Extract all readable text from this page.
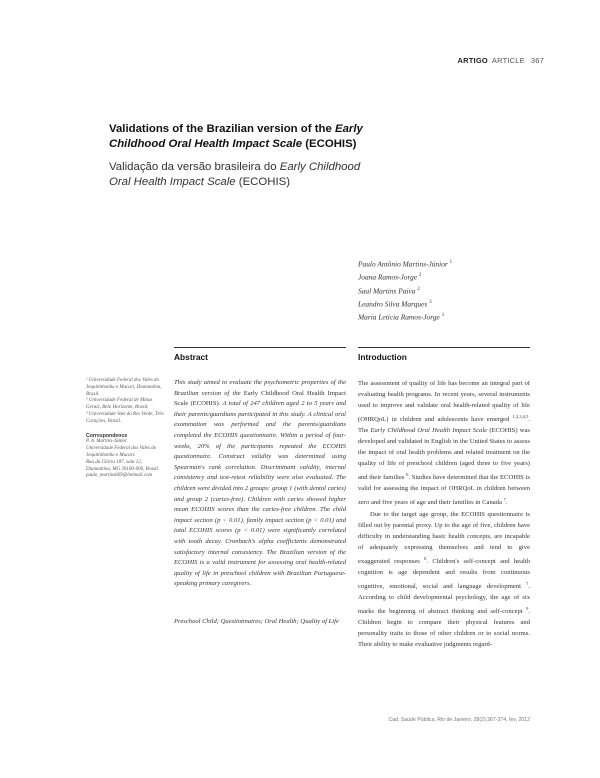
ARTIGO ARTICLE 367
Validations of the Brazilian version of the Early Childhood Oral Health Impact Scale (ECOHIS)
Validação da versão brasileira do Early Childhood Oral Health Impact Scale (ECOHIS)
Paulo Antônio Martins-Júnior $^1$
Joana Ramos-Jorge $^2$
Saul Martins Paiva $^2$
Leandro Silva Marques $^3$
Maria Letícia Ramos-Jorge $^1$
Abstract	Introduction
¹ Universidade Federal dos Vales do Jequitinhonha e Mucuri, Diamantina, Brasil.
² Universidade Federal de Minas Gerais, Belo Horizonte, Brasil.
³ Universidade Vale do Rio Verde, Três Corações, Brasil.
Correspondence
P. A. Martins-Júnior
Universidade Federal dos Vales do Jequitinhonha e Mucuri.
Rua da Glória 187, sala 12, Diamantina, MG 39100-000, Brasil.
paulo_martins669@hotmail.com
This study aimed to evaluate the psychometric properties of the Brazilian version of the Early Childhood Oral Health Impact Scale (ECOHIS). A total of 247 children aged 2 to 5 years and their parents/guardians participated in this study. A clinical oral examination was performed and the parents/guardians completed the ECOHIS questionnaire. Within a period of four-weeks, 20% of the participants repeated the ECOHIS questionnaire. Construct validity was determined using Spearman's rank correlation. Discriminant validity, internal consistency and test-retest reliability were also evaluated. The children were divided into 2 groups: group 1 (with dental caries) and group 2 (caries-free). Children with caries showed higher mean ECOHIS scores than the caries-free children. The child impact section (p < 0.01), family impact section (p < 0.01) and total ECOHIS scores (p < 0.01) were significantly correlated with tooth decay. Cronbach's alpha coefficients demonstrated satisfactory internal consistency. The Brazilian version of the ECOHIS is a valid instrument for assessing oral health-related quality of life in preschool children with Brazilian Portuguese-speaking primary caregivers.
Preschool Child; Questionnaires; Oral Health; Quality of Life

The assessment of quality of life has become an integral part of evaluating health programs. In recent years, several instruments used to improve and validate oral health-related quality of life (OHRQoL) in children and adolescents have emerged $^{1,2,3,4,5}$. The Early Childhood Oral Health Impact Scale (ECOHIS) was developed and validated in English in the United States to assess the impact of oral health problems and related treatment on the quality of life of preschool children (aged three to five years) and their families $^6$. Studies have determined that the ECOHIS is valid for assessing the impact of OHRQoL in children between zero and five years of age and their families in Canada $^7$.

Due to the target age group, the ECOHIS questionnaire is filled out by parental proxy. Up to the age of five, children have difficulty in understanding basic health concepts, are incapable of adequately expressing themselves and tend to give exaggerated responses $^8$. Children's self-concept and health cognition is age dependent and results from continuous cognitive, emotional, social and language development $^7$. According to child developmental psychology, the age of six marks the beginning of abstract thinking and self-concept $^9$. Children begin to compare their physical features and personality traits to those of other children or to social norms. Their ability to make evaluative judgments regard-

Cad. Saúde Pública, Rio de Janeiro, 28(2):367-374, fev, 2012
